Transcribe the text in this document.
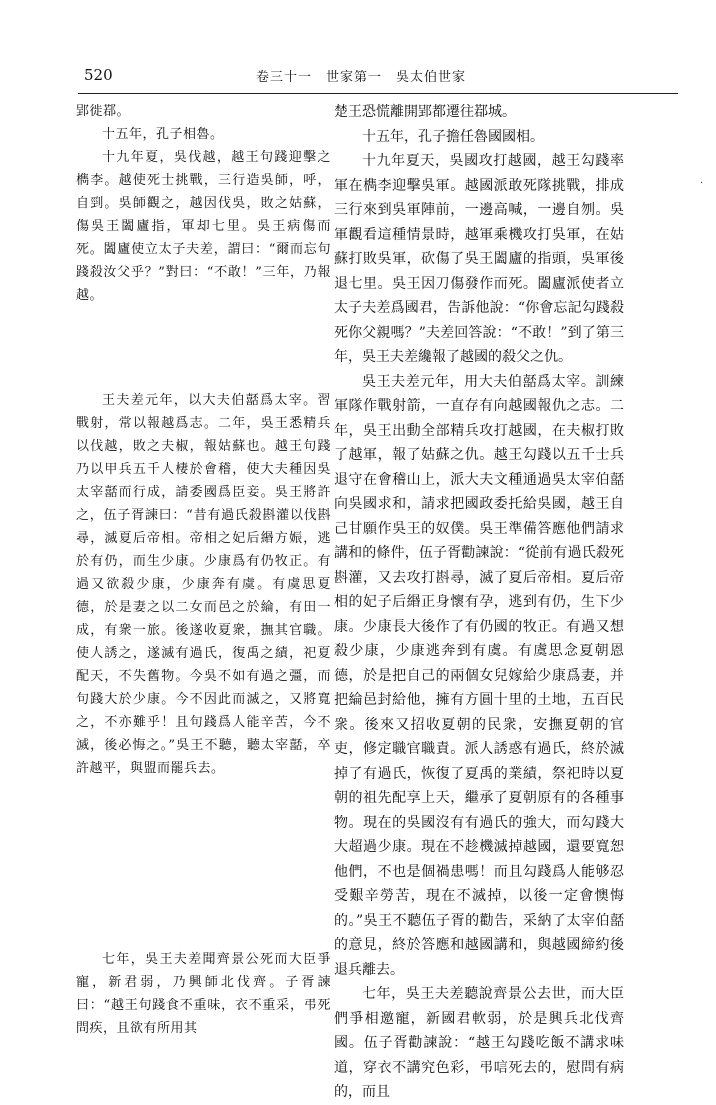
520	卷三十一　世家第一　吳太伯世家
·

郢徙鄀。

十五年，孔子相魯。

十九年夏，吳伐越，越王句踐迎擊之檇李。越使死士挑戰，三行造吳師，呼，自剄。吳師觀之，越因伐吳，敗之姑蘇，傷吳王闔廬指，軍却七里。吳王病傷而死。闔廬使立太子夫差，謂曰：“爾而忘句踐殺汝父乎？”對曰：“不敢！”三年，乃報越。

王夫差元年，以大夫伯嚭爲太宰。習戰射，常以報越爲志。二年，吳王悉精兵以伐越，敗之夫椒，報姑蘇也。越王句踐乃以甲兵五千人棲於會稽，使大夫種因吳太宰嚭而行成，請委國爲臣妾。吳王將許之，伍子胥諫曰：“昔有過氏殺斟灌以伐斟尋，滅夏后帝相。帝相之妃后緡方娠，逃於有仍，而生少康。少康爲有仍牧正。有過又欲殺少康，少康奔有虞。有虞思夏德，於是妻之以二女而邑之於綸，有田一成，有衆一旅。後遂收夏衆，撫其官職。使人誘之，遂滅有過氏，復禹之績，祀夏配天，不失舊物。今吳不如有過之彊，而句踐大於少康。今不因此而滅之，又將寬之，不亦難乎！且句踐爲人能辛苦，今不滅，後必悔之。”吳王不聽，聽太宰嚭，卒許越平，與盟而罷兵去。

七年，吳王夫差聞齊景公死而大臣爭寵，新君弱，乃興師北伐齊。子胥諫曰：“越王句踐食不重味，衣不重采，弔死問疾，且欲有所用其

楚王恐慌離開郢都遷往鄀城。

十五年，孔子擔任魯國國相。

十九年夏天，吳國攻打越國，越王勾踐率軍在檇李迎擊吳軍。越國派敢死隊挑戰，排成三行來到吳軍陣前，一邊高喊，一邊自刎。吳軍觀看這種情景時，越軍乘機攻打吳軍，在姑蘇打敗吳軍，砍傷了吳王闔廬的指頭，吳軍後退七里。吳王因刀傷發作而死。闔廬派使者立太子夫差爲國君，告訴他說：“你會忘記勾踐殺死你父親嗎？”夫差回答說：“不敢！”到了第三年，吳王夫差纔報了越國的殺父之仇。

吳王夫差元年，用大夫伯嚭爲太宰。訓練軍隊作戰射箭，一直存有向越國報仇之志。二年，吳王出動全部精兵攻打越國，在夫椒打敗了越軍，報了姑蘇之仇。越王勾踐以五千士兵退守在會稽山上，派大夫文種通過吳太宰伯嚭向吳國求和，請求把國政委托給吳國，越王自己甘願作吳王的奴僕。吳王準備答應他們請求講和的條件，伍子胥勸諫說：“從前有過氏殺死斟灌，又去攻打斟尋，滅了夏后帝相。夏后帝相的妃子后緡正身懷有孕，逃到有仍，生下少康。少康長大後作了有仍國的牧正。有過又想殺少康，少康逃奔到有虞。有虞思念夏朝恩德，於是把自己的兩個女兒嫁給少康爲妻，并把綸邑封給他，擁有方圓十里的土地，五百民衆。後來又招收夏朝的民衆，安撫夏朝的官吏，修定職官職責。派人誘惑有過氏，終於滅掉了有過氏，恢復了夏禹的業績，祭祀時以夏朝的祖先配享上天，繼承了夏朝原有的各種事物。現在的吳國沒有有過氏的強大，而勾踐大大超過少康。現在不趁機滅掉越國，還要寬恕他們，不也是個禍患嗎！而且勾踐爲人能够忍受艱辛勞苦，現在不滅掉，以後一定會懊悔的。”吳王不聽伍子胥的勸告，采納了太宰伯嚭的意見，終於答應和越國講和，與越國締約後退兵離去。

七年，吳王夫差聽說齊景公去世，而大臣們爭相邀寵，新國君軟弱，於是興兵北伐齊國。伍子胥勸諫說：“越王勾踐吃飯不講求味道，穿衣不講究色彩，弔唁死去的，慰問有病的，而且
